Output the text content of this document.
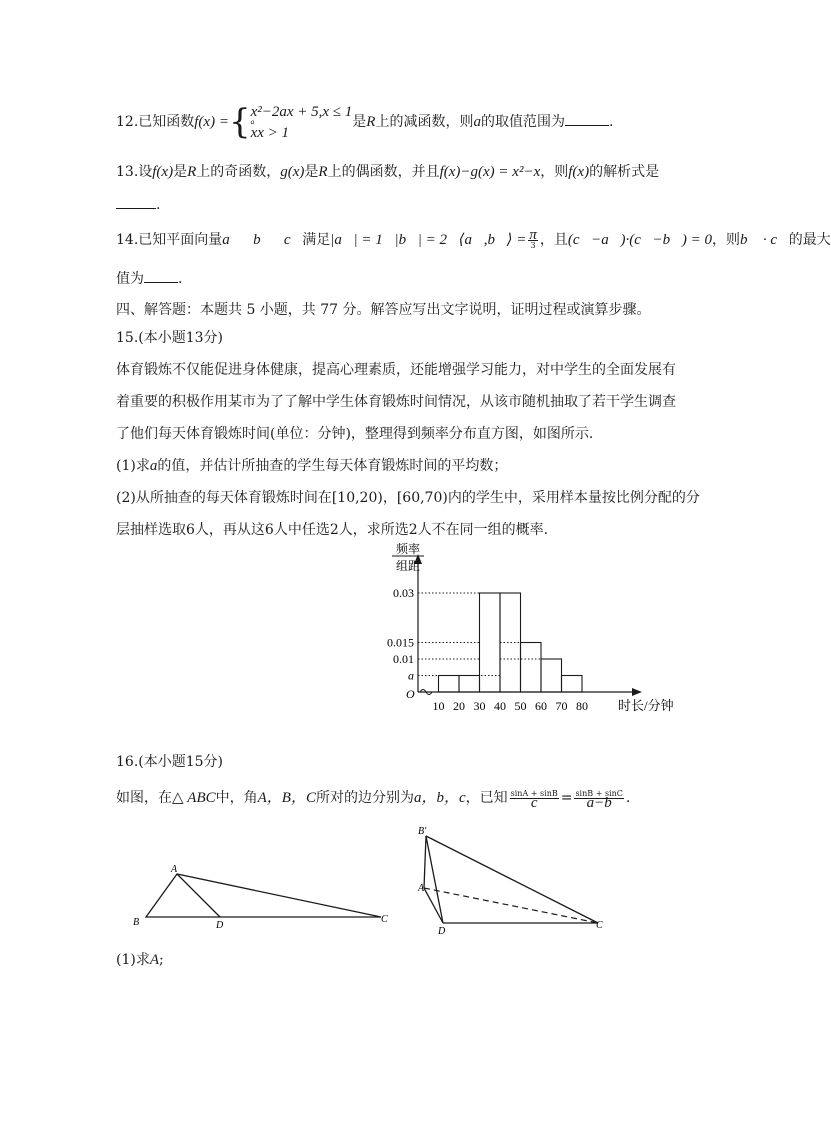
12.已知函数f(x) ={ x²−2ax + 5,x ≤ 1
a
xx > 1
是R上的减函数，则a的取值范围为	.
13.设f(x)是R上的奇函数，g(x)是R上的偶函数，并且f(x)−g(x) = x²−x，则f(x)的解析式是
.
14.已知平面向量a⃗，b⃗，c⃗满足|a⃗| = 1，|b⃗| = 2，⟨a⃗,b⃗⟩ = $\frac{\pi}{3}$ ，且(c⃗−a⃗)·(c⃗−b⃗) = 0，则b⃗ · c⃗的最大
值为 .
四、解答题：本题共 5 小题，共 77 分。解答应写出文字说明，证明过程或演算步骤。
15.(本小题13分)
体育锻炼不仅能促进身体健康，提高心理素质，还能增强学习能力，对中学生的全面发展有
着重要的积极作用某市为了了解中学生体育锻炼时间情况，从该市随机抽取了若干学生调查
了他们每天体育锻炼时间(单位：分钟)，整理得到频率分布直方图，如图所示.
(1)求a的值，并估计所抽查的学生每天体育锻炼时间的平均数；
(2)从所抽查的每天体育锻炼时间在[10,20)，[60,70)内的学生中，采用样本量按比例分配的分
层抽样选取6人，再从这6人中任选2人，求所选2人不在同一组的概率.
0.03
0.015
0.01
a
O
10 20 30 40 50 60 70 80 时长/分钟
频率
组距
16.(本小题15分)
如图，在△ ABC中，角A，B，C所对的边分别为a，b，c，已知 $\frac{\sin A + \sin B}{c} = \frac{\sin B + \sin C}{a-b}$ .
A
B	D
C
B′
A
D
C
(1)求A;
